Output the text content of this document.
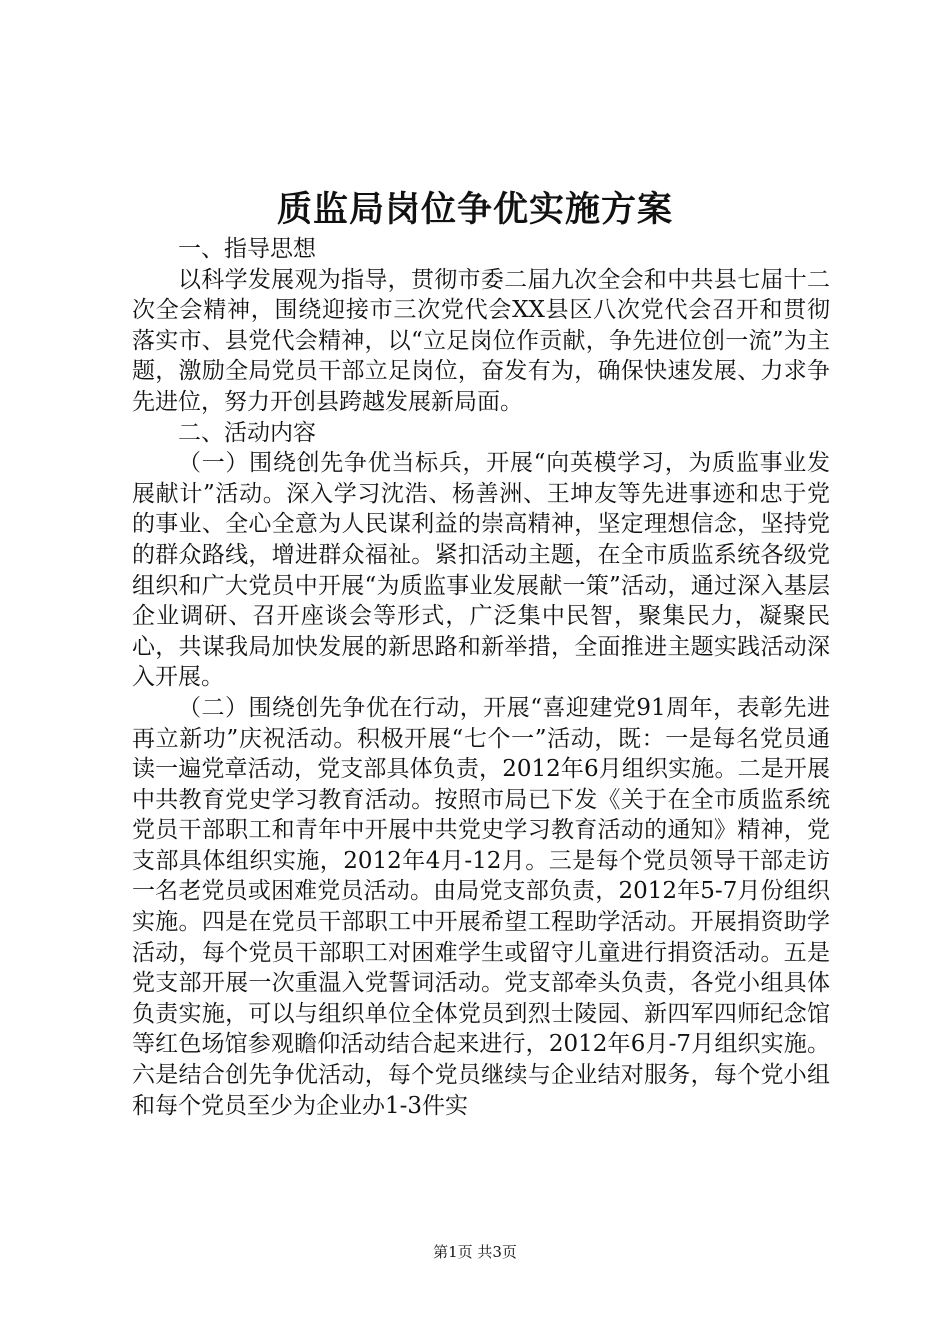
质监局岗位争优实施方案

一、指导思想

以科学发展观为指导，贯彻市委二届九次全会和中共县七届十二次全会精神，围绕迎接市三次党代会XX县区八次党代会召开和贯彻落实市、县党代会精神，以“立足岗位作贡献，争先进位创一流”为主题，激励全局党员干部立足岗位，奋发有为，确保快速发展、力求争先进位，努力开创县跨越发展新局面。

二、活动内容

（一）围绕创先争优当标兵，开展“向英模学习，为质监事业发展献计”活动。深入学习沈浩、杨善洲、王坤友等先进事迹和忠于党的事业、全心全意为人民谋利益的崇高精神，坚定理想信念，坚持党的群众路线，增进群众福祉。紧扣活动主题，在全市质监系统各级党组织和广大党员中开展“为质监事业发展献一策”活动，通过深入基层企业调研、召开座谈会等形式，广泛集中民智，聚集民力，凝聚民心，共谋我局加快发展的新思路和新举措，全面推进主题实践活动深入开展。

（二）围绕创先争优在行动，开展“喜迎建党91周年，表彰先进再立新功”庆祝活动。积极开展“七个一”活动，既：一是每名党员通读一遍党章活动，党支部具体负责，2012年6月组织实施。二是开展中共教育党史学习教育活动。按照市局已下发《关于在全市质监系统党员干部职工和青年中开展中共党史学习教育活动的通知》精神，党支部具体组织实施，2012年4月-12月。三是每个党员领导干部走访一名老党员或困难党员活动。由局党支部负责，2012年5-7月份组织实施。四是在党员干部职工中开展希望工程助学活动。开展捐资助学活动，每个党员干部职工对困难学生或留守儿童进行捐资活动。五是党支部开展一次重温入党誓词活动。党支部牵头负责，各党小组具体负责实施，可以与组织单位全体党员到烈士陵园、新四军四师纪念馆等红色场馆参观瞻仰活动结合起来进行，2012年6月-7月组织实施。六是结合创先争优活动，每个党员继续与企业结对服务，每个党小组和每个党员至少为企业办1-3件实

第1页 共3页
